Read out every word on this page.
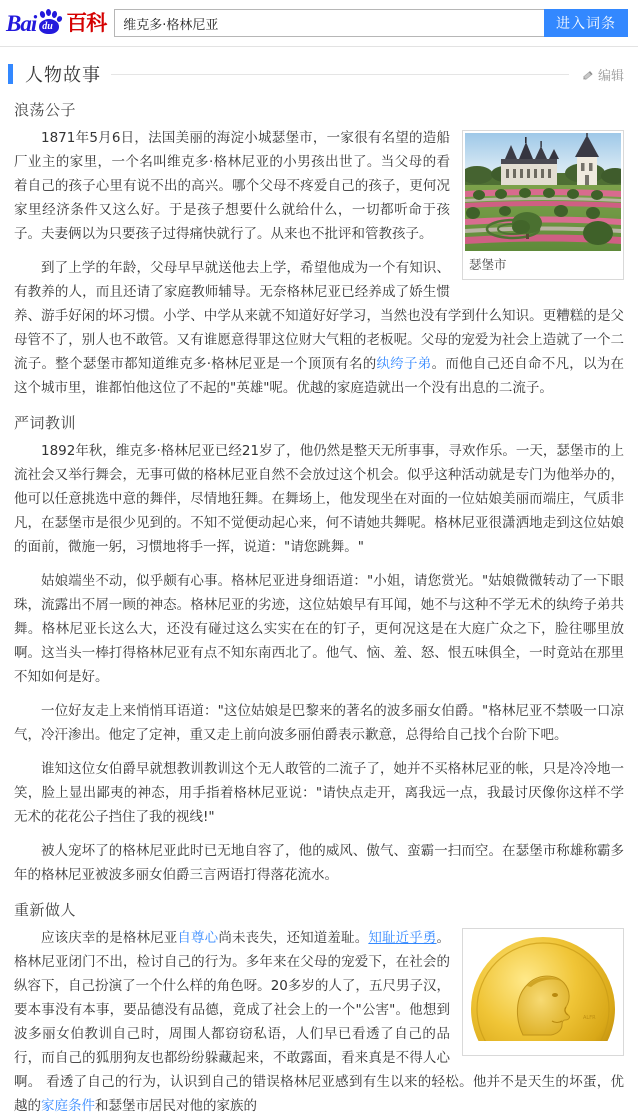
Bai du 百科
维克多·格林尼亚	进入词条
人物故事	编辑
浪荡公子
瑟堡市

1871年5月6日，法国美丽的海淀小城瑟堡市，一家很有名望的造船厂业主的家里，一个名叫维克多·格林尼亚的小男孩出世了。当父母的看着自己的孩子心里有说不出的高兴。哪个父母不疼爱自己的孩子，更何况家里经济条件又这么好。于是孩子想要什么就给什么，一切都听命于孩子。夫妻俩以为只要孩子过得痛快就行了。从来也不批评和管教孩子。

到了上学的年龄，父母早早就送他去上学，希望他成为一个有知识、有教养的人，而且还请了家庭教师辅导。无奈格林尼亚已经养成了娇生惯养、游手好闲的坏习惯。小学、中学从来就不知道好好学习，当然也没有学到什么知识。更糟糕的是父母管不了，别人也不敢管。又有谁愿意得罪这位财大气粗的老板呢。父母的宠爱为社会上造就了一个二流子。整个瑟堡市都知道维克多·格林尼亚是一个顶顶有名的纨绔子弟。而他自己还自命不凡，以为在这个城市里，谁都怕他这位了不起的"英雄"呢。优越的家庭造就出一个没有出息的二流子。

严词教训

1892年秋，维克多·格林尼亚已经21岁了，他仍然是整天无所事事，寻欢作乐。一天，瑟堡市的上流社会又举行舞会，无事可做的格林尼亚自然不会放过这个机会。似乎这种活动就是专门为他举办的，他可以任意挑选中意的舞伴，尽情地狂舞。在舞场上，他发现坐在对面的一位姑娘美丽而端庄，气质非凡，在瑟堡市是很少见到的。不知不觉便动起心来，何不请她共舞呢。格林尼亚很潇洒地走到这位姑娘的面前，微施一躬，习惯地将手一挥，说道："请您跳舞。"

姑娘端坐不动，似乎颇有心事。格林尼亚进身细语道："小姐，请您赏光。"姑娘微微转动了一下眼珠，流露出不屑一顾的神态。格林尼亚的劣迹，这位姑娘早有耳闻，她不与这种不学无术的纨绔子弟共舞。格林尼亚长这么大，还没有碰过这么实实在在的钉子，更何况这是在大庭广众之下，脸往哪里放啊。这当头一棒打得格林尼亚有点不知东南西北了。他气、恼、羞、怒、恨五味俱全，一时竟站在那里不知如何是好。

一位好友走上来悄悄耳语道："这位姑娘是巴黎来的著名的波多丽女伯爵。"格林尼亚不禁吸一口凉气，冷汗渗出。他定了定神，重又走上前向波多丽伯爵表示歉意，总得给自己找个台阶下吧。

谁知这位女伯爵早就想教训教训这个无人敢管的二流子了，她并不买格林尼亚的帐，只是冷冷地一笑，脸上显出鄙夷的神态，用手指着格林尼亚说："请快点走开，离我远一点，我最讨厌像你这样不学无术的花花公子挡住了我的视线!"

被人宠坏了的格林尼亚此时已无地自容了，他的威风、傲气、蛮霸一扫而空。在瑟堡市称雄称霸多年的格林尼亚被波多丽女伯爵三言两语打得落花流水。

重新做人
ALFR

应该庆幸的是格林尼亚自尊心尚未丧失，还知道羞耻。知耻近乎勇。格林尼亚闭门不出，检讨自己的行为。多年来在父母的宠爱下，在社会的纵容下，自己扮演了一个什么样的角色呀。20多岁的人了，五尺男子汉，要本事没有本事，要品德没有品德，竟成了社会上的一个"公害"。他想到波多丽女伯教训自己时，周围人都窃窃私语，人们早已看透了自己的品行，而自己的狐朋狗友也都纷纷躲藏起来，不敢露面，看来真是不得人心啊。 看透了自己的行为，认识到自己的错误格林尼亚感到有生以来的轻松。他并不是天生的坏蛋，优越的家庭条件和瑟堡市居民对他的家族的
